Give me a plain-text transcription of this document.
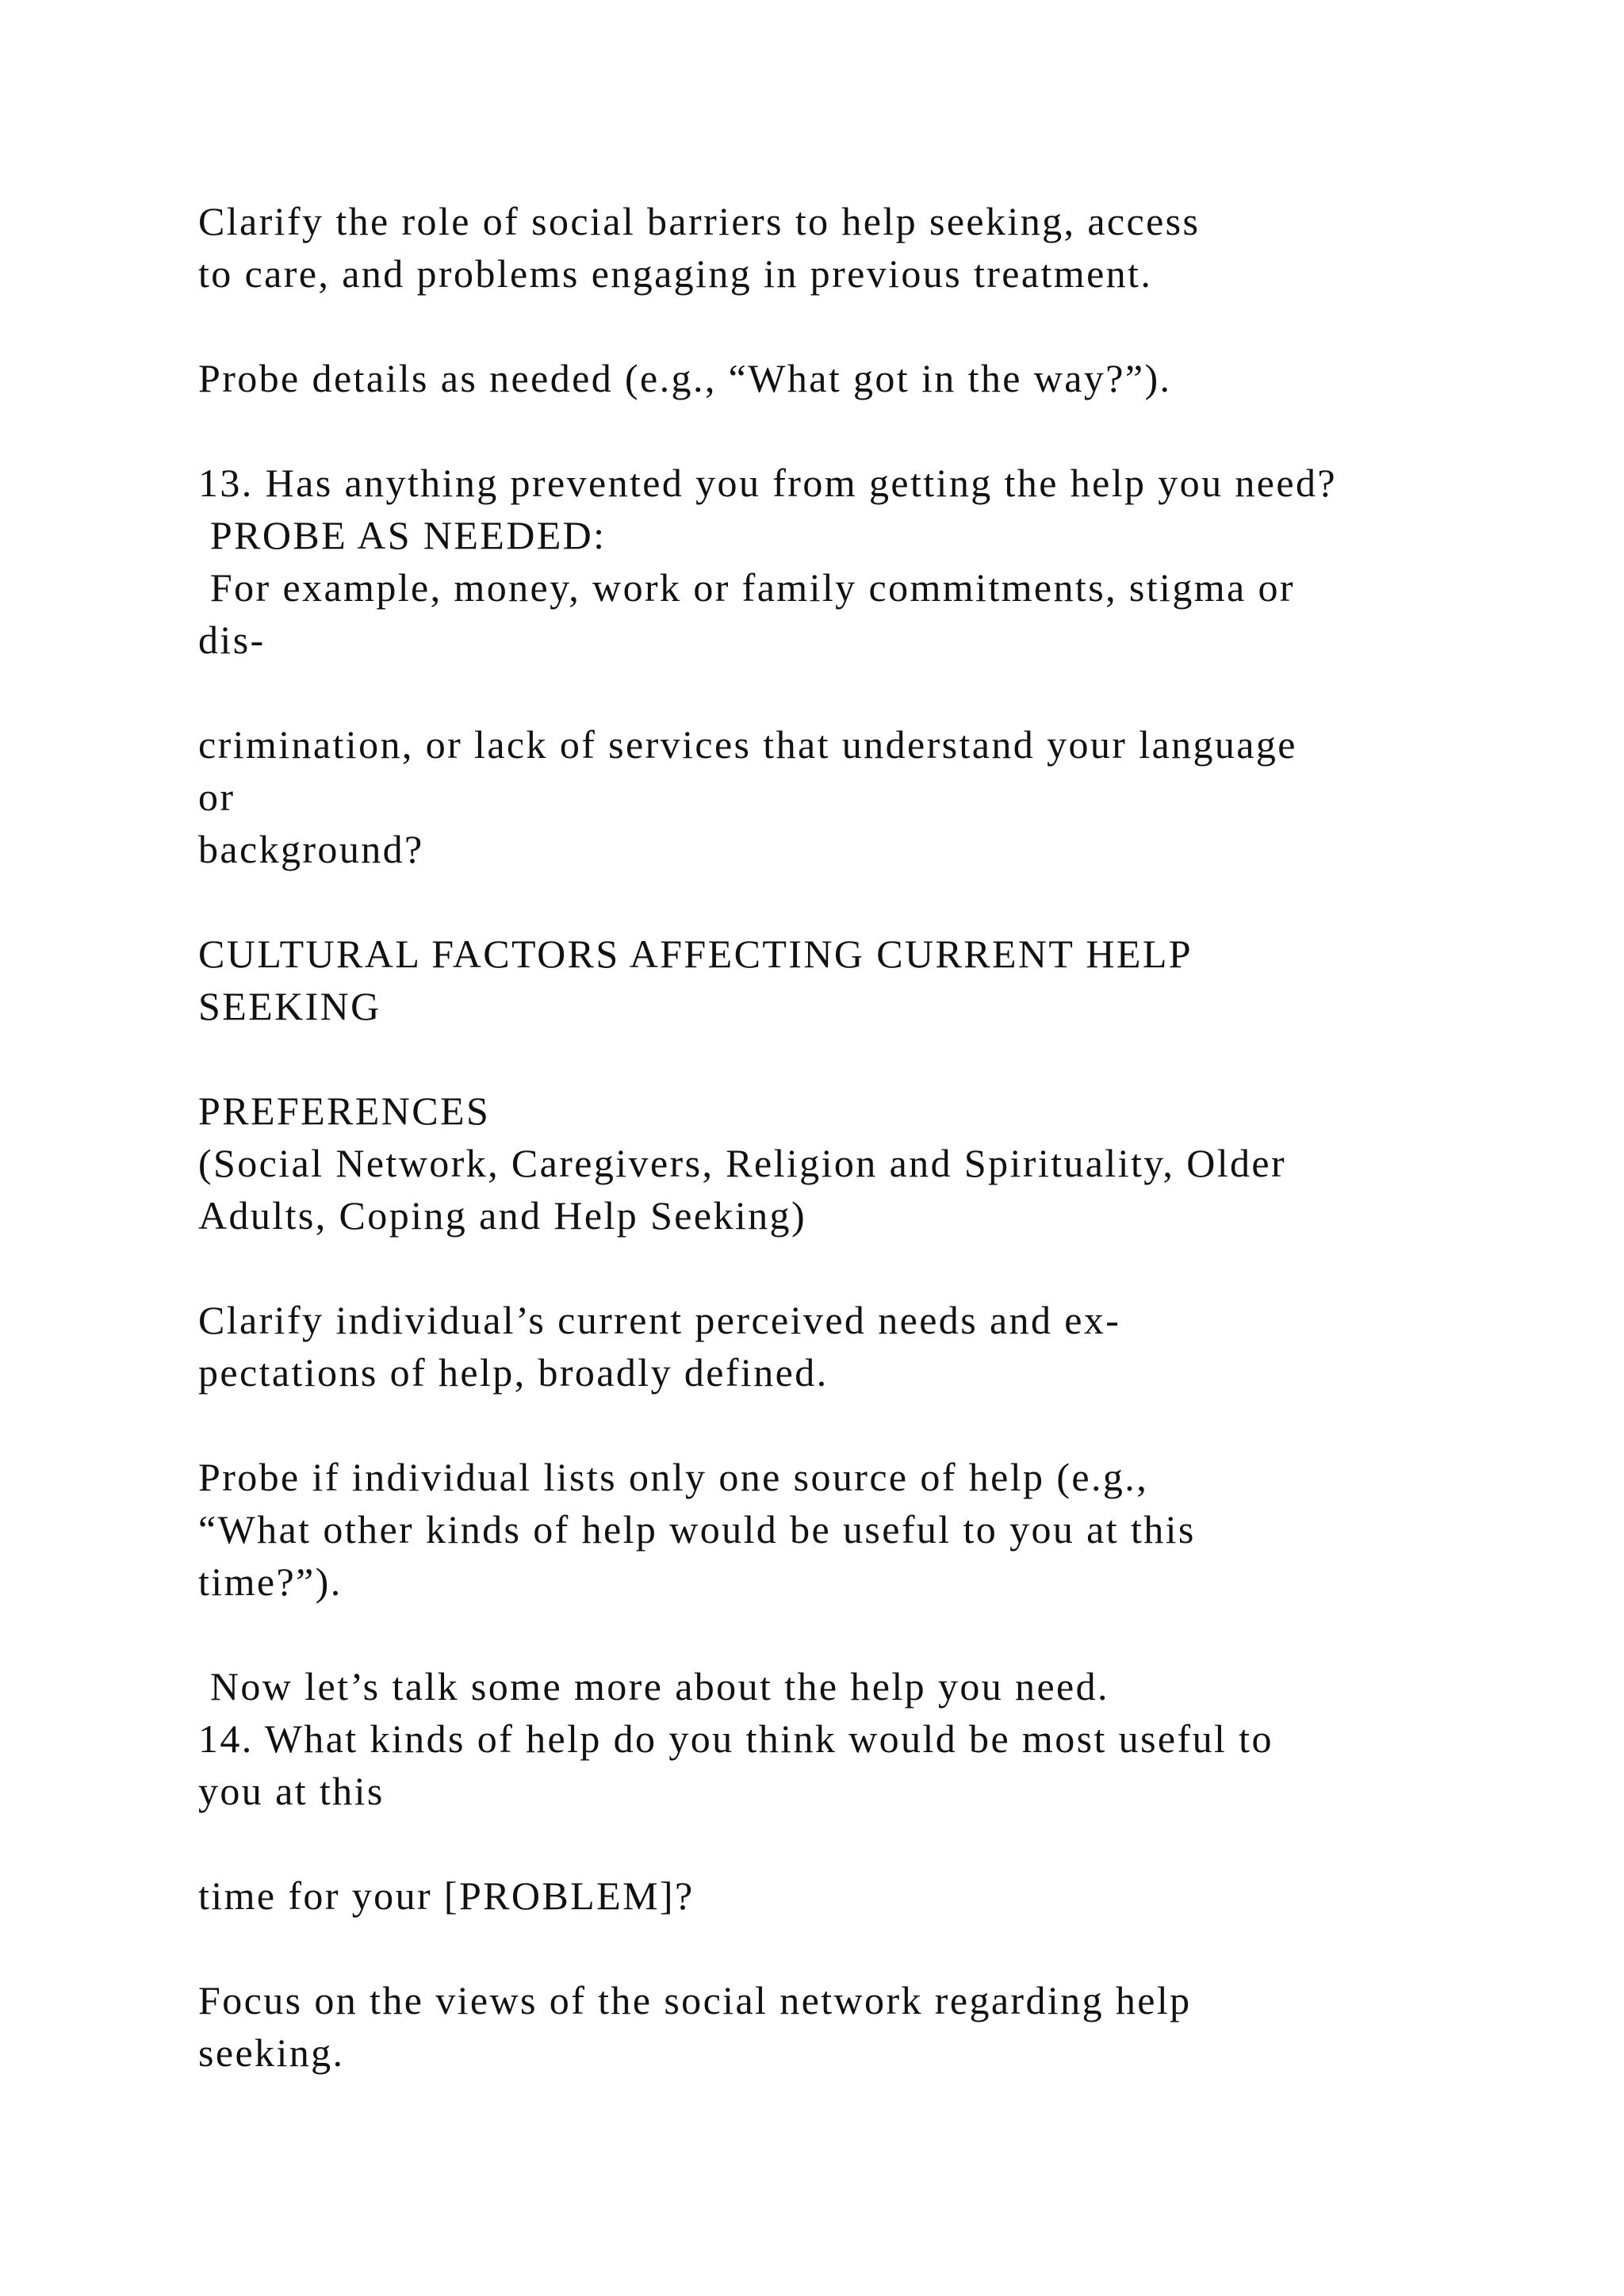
Clarify the role of social barriers to help seeking, access
to care, and problems engaging in previous treatment.
Probe details as needed (e.g., “What got in the way?”).
13. Has anything prevented you from getting the help you need?
PROBE AS NEEDED:
For example, money, work or family commitments, stigma or
dis-
crimination, or lack of services that understand your language
or
background?
CULTURAL FACTORS AFFECTING CURRENT HELP
SEEKING
PREFERENCES
(Social Network, Caregivers, Religion and Spirituality, Older
Adults, Coping and Help Seeking)
Clarify individual’s current perceived needs and ex-
pectations of help, broadly defined.
Probe if individual lists only one source of help (e.g.,
“What other kinds of help would be useful to you at this
time?”).
Now let’s talk some more about the help you need.
14. What kinds of help do you think would be most useful to
you at this
time for your [PROBLEM]?
Focus on the views of the social network regarding help
seeking.
